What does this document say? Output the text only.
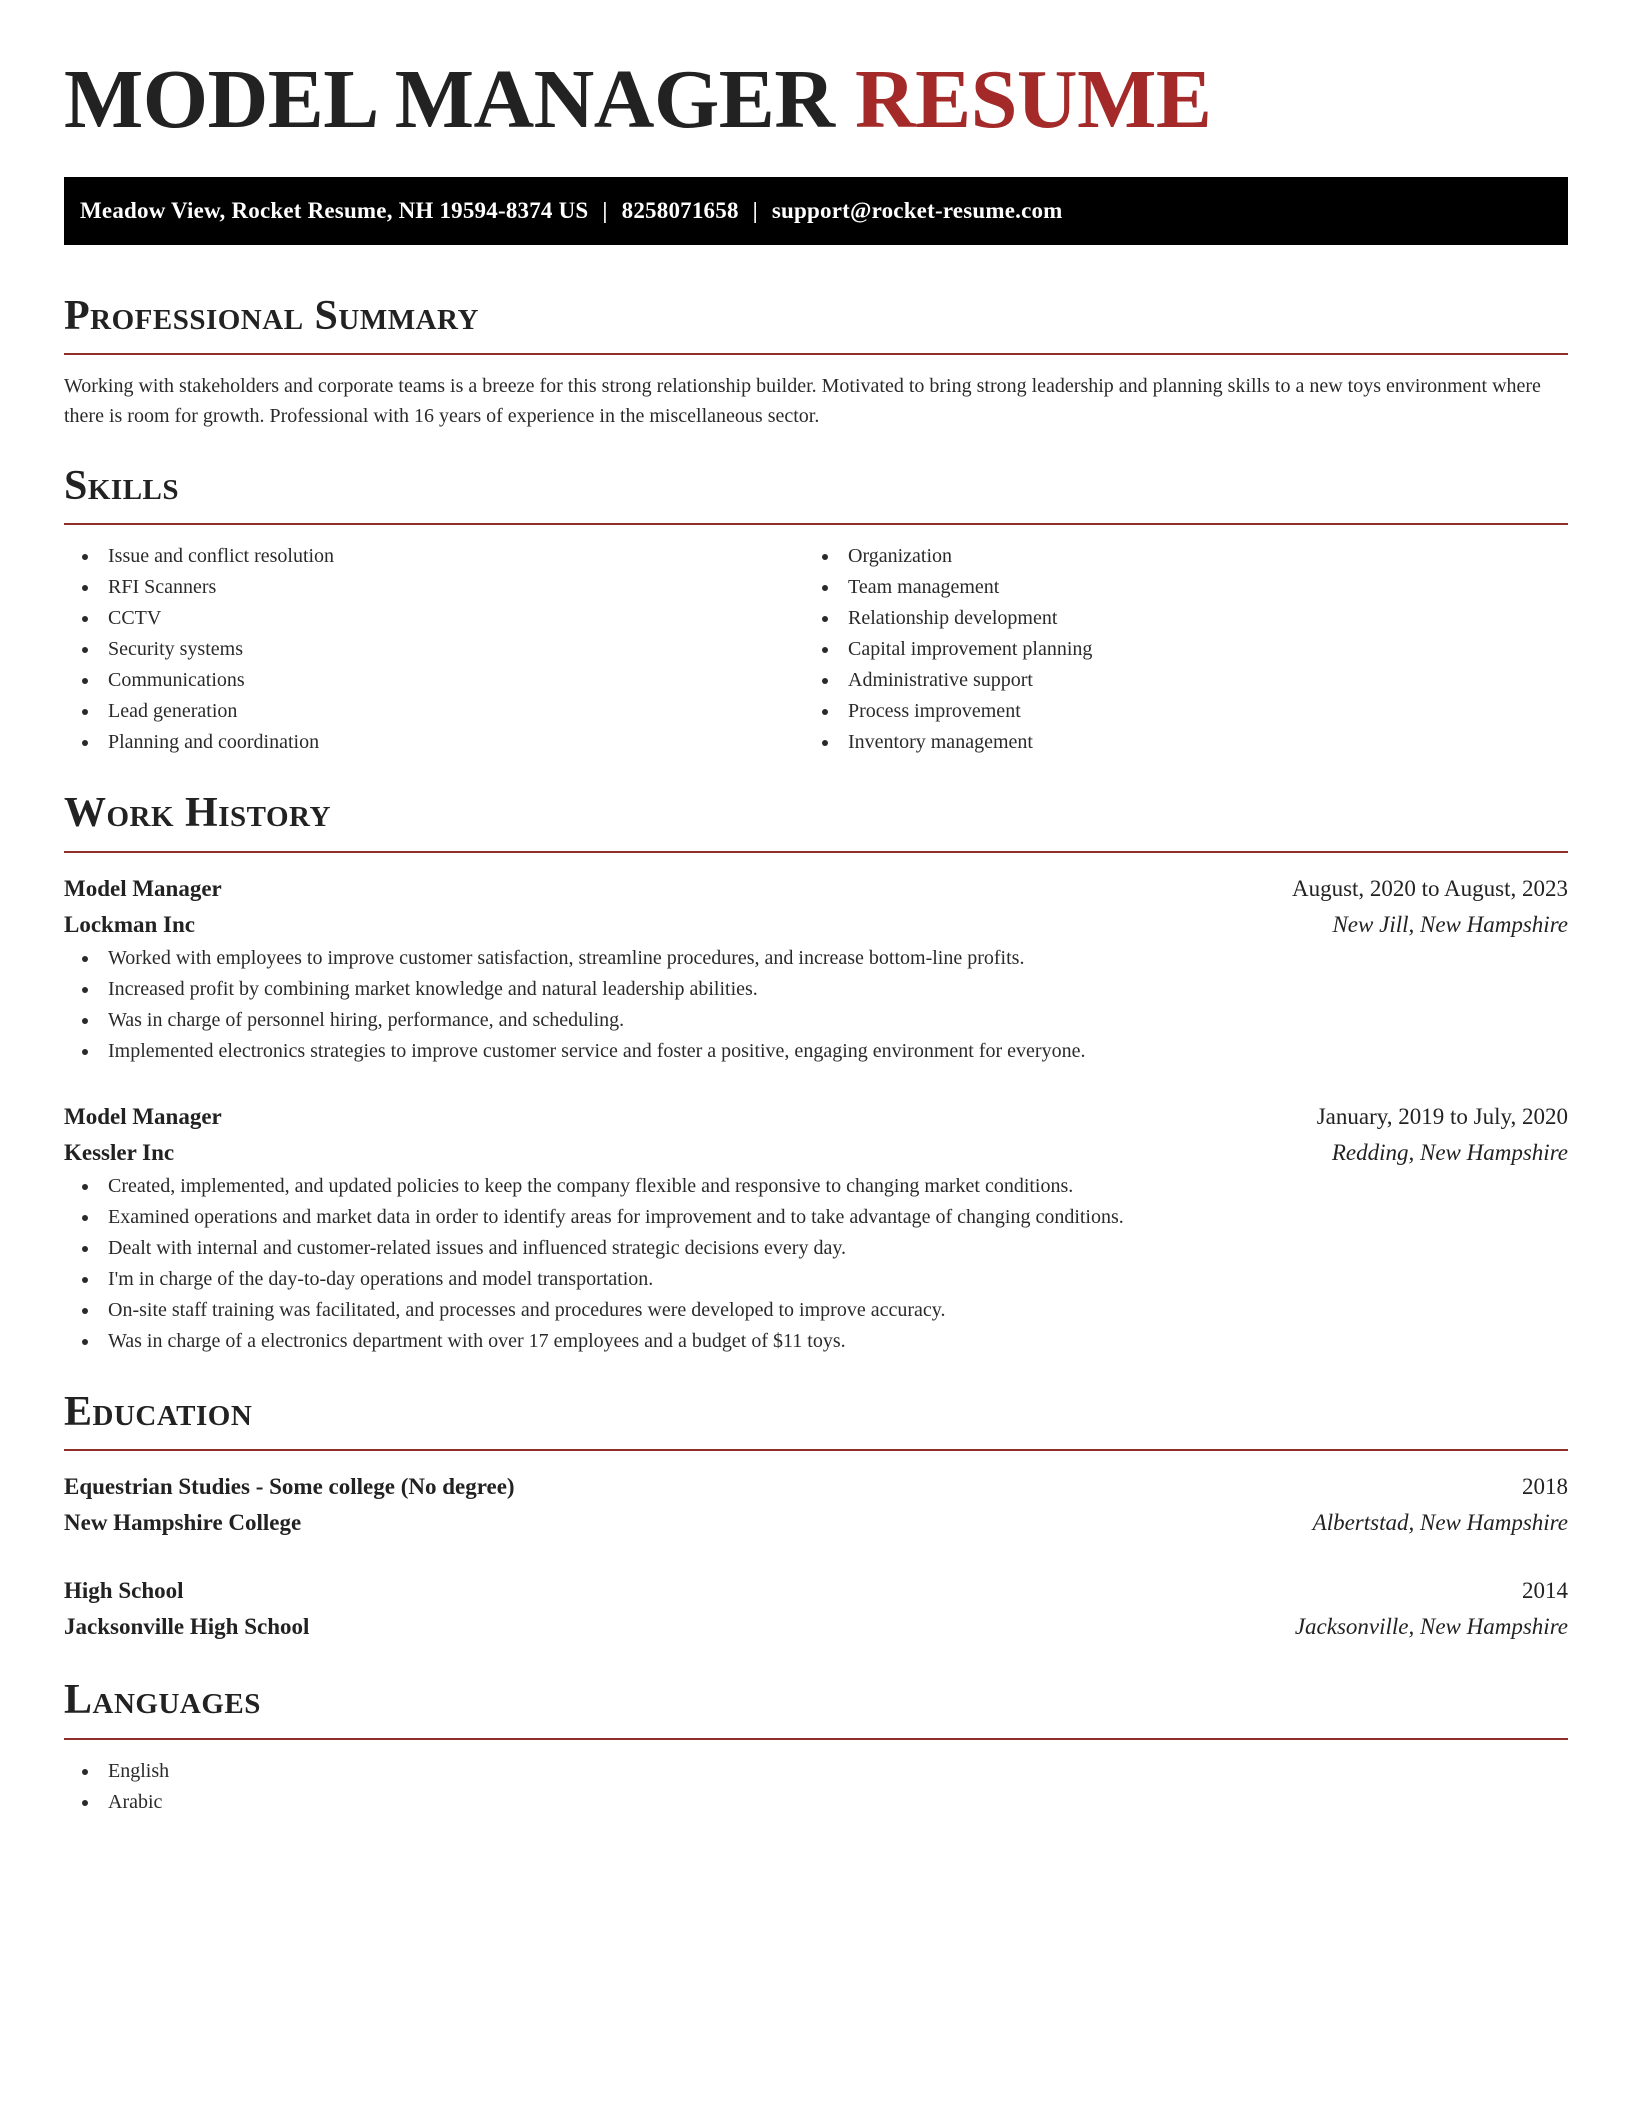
MODEL MANAGER RESUME
Meadow View, Rocket Resume, NH 19594-8374 US | 8258071658 | support@rocket-resume.com
Professional Summary

Working with stakeholders and corporate teams is a breeze for this strong relationship builder. Motivated to bring strong leadership and planning skills to a new toys environment where there is room for growth. Professional with 16 years of experience in the miscellaneous sector.

Skills
Issue and conflict resolution
RFI Scanners
CCTV
Security systems
Communications
Lead generation
Planning and coordination
Organization
Team management
Relationship development
Capital improvement planning
Administrative support
Process improvement
Inventory management
Work History
Model Manager	August, 2020 to August, 2023
Lockman Inc	New Jill, New Hampshire
Worked with employees to improve customer satisfaction, streamline procedures, and increase bottom-line profits.
Increased profit by combining market knowledge and natural leadership abilities.
Was in charge of personnel hiring, performance, and scheduling.
Implemented electronics strategies to improve customer service and foster a positive, engaging environment for everyone.
Model Manager	January, 2019 to July, 2020
Kessler Inc	Redding, New Hampshire
Created, implemented, and updated policies to keep the company flexible and responsive to changing market conditions.
Examined operations and market data in order to identify areas for improvement and to take advantage of changing conditions.
Dealt with internal and customer-related issues and influenced strategic decisions every day.
I'm in charge of the day-to-day operations and model transportation.
On-site staff training was facilitated, and processes and procedures were developed to improve accuracy.
Was in charge of a electronics department with over 17 employees and a budget of $11 toys.
Education
Equestrian Studies - Some college (No degree)	2018
New Hampshire College	Albertstad, New Hampshire
High School	2014
Jacksonville High School	Jacksonville, New Hampshire
Languages
English
Arabic
